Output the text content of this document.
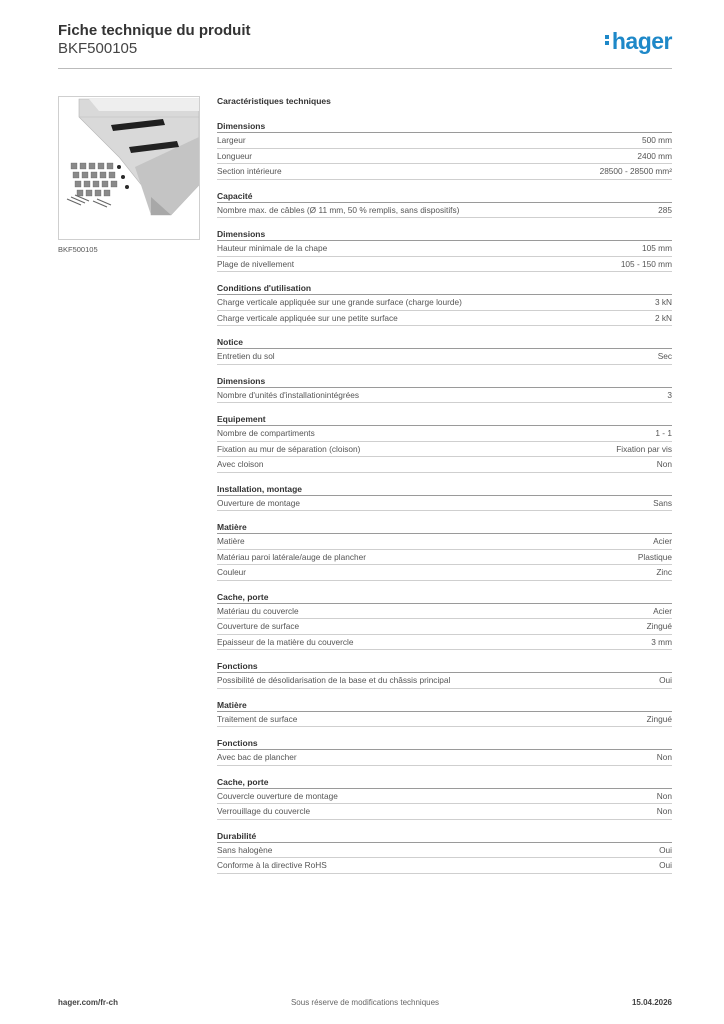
Fiche technique du produit
BKF500105	hager
BKF500105
Caractéristiques techniques
Dimensions
Largeur	500 mm
Longueur	2400 mm
Section intérieure	28500 - 28500 mm²
Capacité
Nombre max. de câbles (Ø 11 mm, 50 % remplis, sans dispositifs)	285
Dimensions
Hauteur minimale de la chape	105 mm
Plage de nivellement	105 - 150 mm
Conditions d'utilisation
Charge verticale appliquée sur une grande surface (charge lourde)	3 kN
Charge verticale appliquée sur une petite surface	2 kN
Notice
Entretien du sol	Sec
Dimensions
Nombre d'unités d'installationintégrées	3
Equipement
Nombre de compartiments	1 - 1
Fixation au mur de séparation (cloison)	Fixation par vis
Avec cloison	Non
Installation, montage
Ouverture de montage	Sans
Matière
Matière	Acier
Matériau paroi latérale/auge de plancher	Plastique
Couleur	Zinc
Cache, porte
Matériau du couvercle	Acier
Couverture de surface	Zingué
Epaisseur de la matière du couvercle	3 mm
Fonctions
Possibilité de désolidarisation de la base et du châssis principal	Oui
Matière
Traitement de surface	Zingué
Fonctions
Avec bac de plancher	Non
Cache, porte
Couvercle ouverture de montage	Non
Verrouillage du couvercle	Non
Durabilité
Sans halogène	Oui
Conforme à la directive RoHS	Oui
hager.com/fr-ch	Sous réserve de modifications techniques	15.04.2026
